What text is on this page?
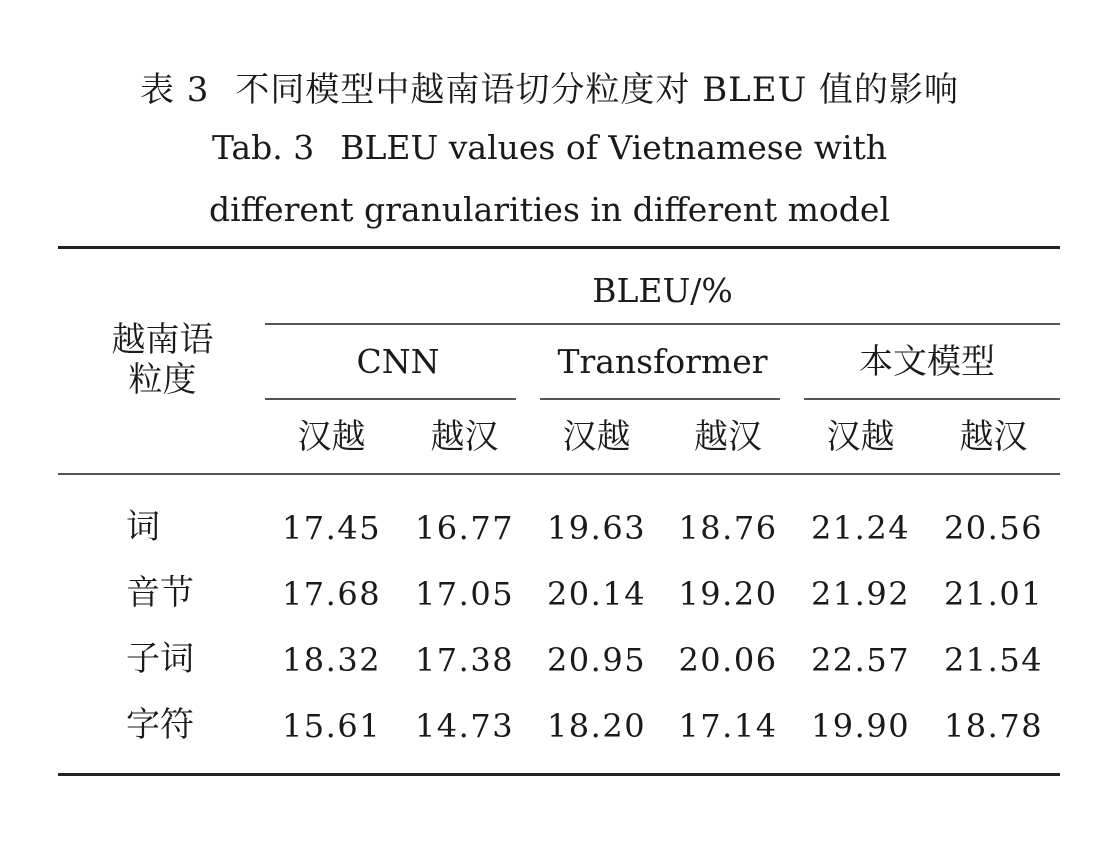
表 3 不同模型中越南语切分粒度对 BLEU 值的影响
Tab. 3 BLEU values of Vietnamese with
different granularities in different model
越南语
粒度
BLEU/%
CNN	Transformer	本文模型
汉越	越汉	汉越	越汉	汉越	越汉
词	17.45	16.77	19.63	18.76	21.24	20.56
音节	17.68	17.05	20.14	19.20	21.92	21.01
子词	18.32	17.38	20.95	20.06	22.57	21.54
字符	15.61	14.73	18.20	17.14	19.90	18.78
